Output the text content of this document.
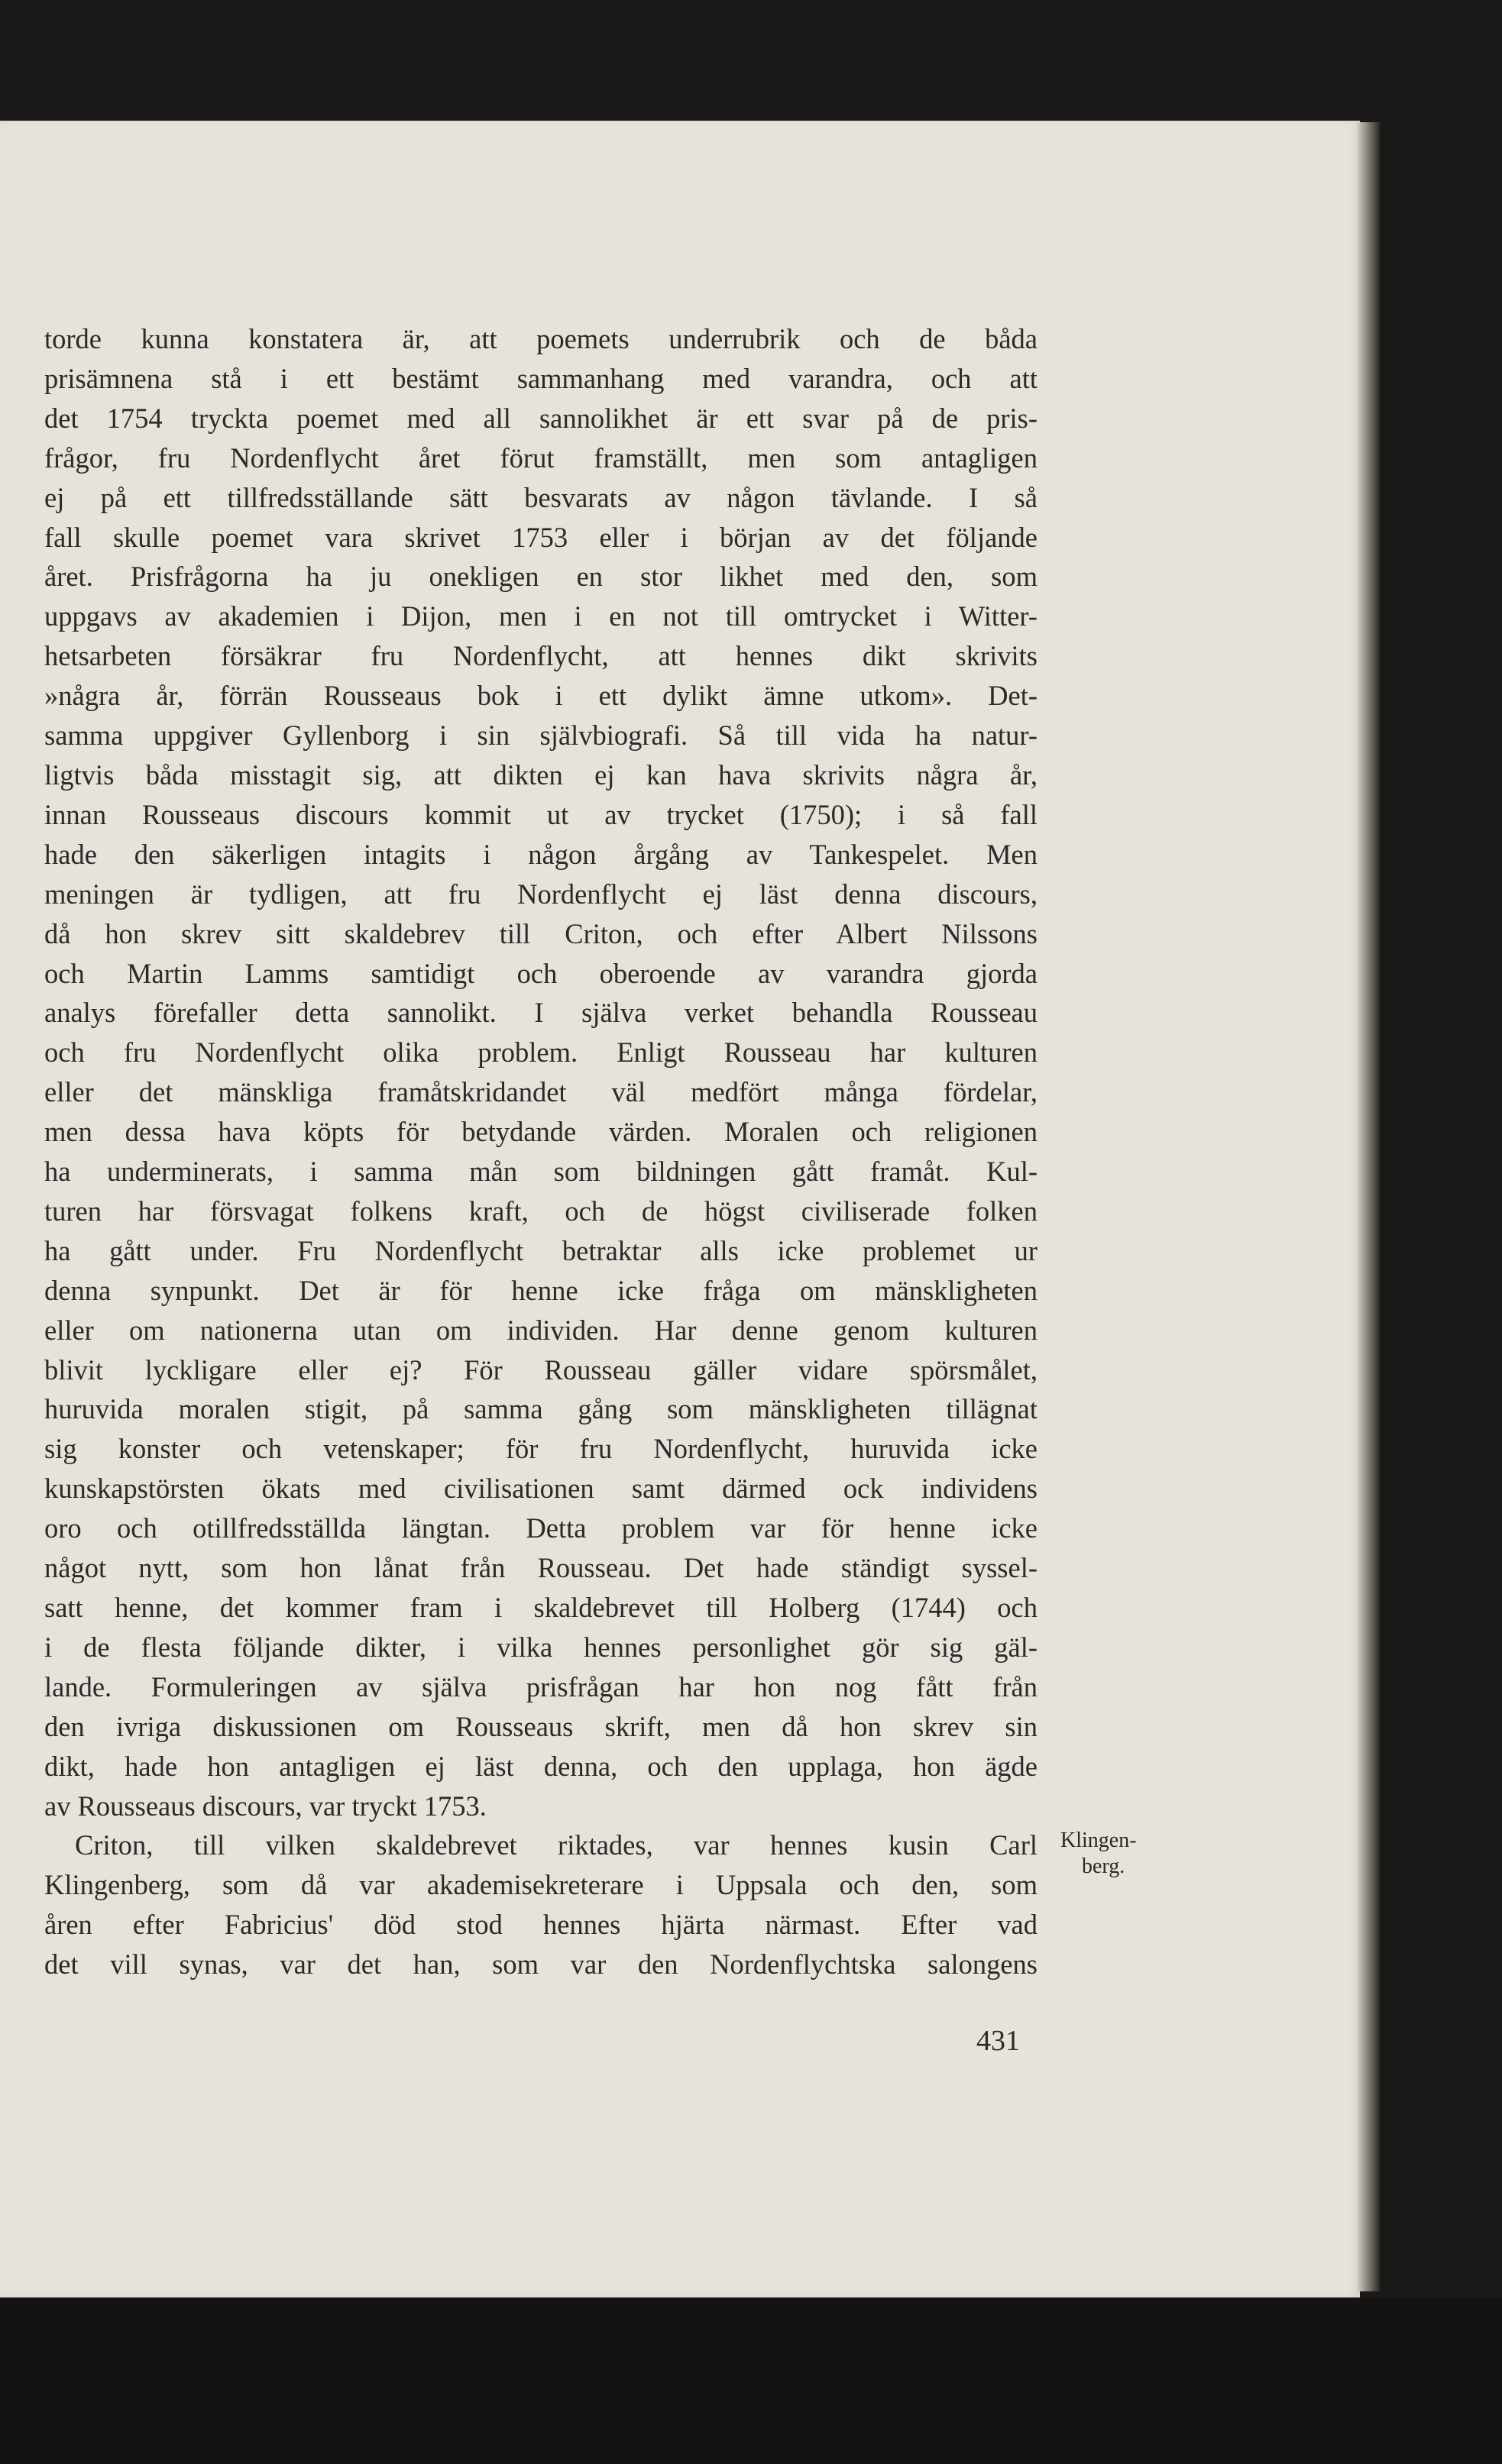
torde kunna konstatera är, att poemets underrubrik och de båda
prisämnena stå i ett bestämt sammanhang med varandra, och att
det 1754 tryckta poemet med all sannolikhet är ett svar på de pris-
frågor, fru Nordenflycht året förut framställt, men som antagligen
ej på ett tillfredsställande sätt besvarats av någon tävlande. I så
fall skulle poemet vara skrivet 1753 eller i början av det följande
året. Prisfrågorna ha ju onekligen en stor likhet med den, som
uppgavs av akademien i Dijon, men i en not till omtrycket i Witter-
hetsarbeten försäkrar fru Nordenflycht, att hennes dikt skrivits
»några år, förrän Rousseaus bok i ett dylikt ämne utkom». Det-
samma uppgiver Gyllenborg i sin självbiografi. Så till vida ha natur-
ligtvis båda misstagit sig, att dikten ej kan hava skrivits några år,
innan Rousseaus discours kommit ut av trycket (1750); i så fall
hade den säkerligen intagits i någon årgång av Tankespelet. Men
meningen är tydligen, att fru Nordenflycht ej läst denna discours,
då hon skrev sitt skaldebrev till Criton, och efter Albert Nilssons
och Martin Lamms samtidigt och oberoende av varandra gjorda
analys förefaller detta sannolikt. I själva verket behandla Rousseau
och fru Nordenflycht olika problem. Enligt Rousseau har kulturen
eller det mänskliga framåtskridandet väl medfört många fördelar,
men dessa hava köpts för betydande värden. Moralen och religionen
ha underminerats, i samma mån som bildningen gått framåt. Kul-
turen har försvagat folkens kraft, och de högst civiliserade folken
ha gått under. Fru Nordenflycht betraktar alls icke problemet ur
denna synpunkt. Det är för henne icke fråga om mänskligheten
eller om nationerna utan om individen. Har denne genom kulturen
blivit lyckligare eller ej? För Rousseau gäller vidare spörsmålet,
huruvida moralen stigit, på samma gång som mänskligheten tillägnat
sig konster och vetenskaper; för fru Nordenflycht, huruvida icke
kunskapstörsten ökats med civilisationen samt därmed ock individens
oro och otillfredsställda längtan. Detta problem var för henne icke
något nytt, som hon lånat från Rousseau. Det hade ständigt syssel-
satt henne, det kommer fram i skaldebrevet till Holberg (1744) och
i de flesta följande dikter, i vilka hennes personlighet gör sig gäl-
lande. Formuleringen av själva prisfrågan har hon nog fått från
den ivriga diskussionen om Rousseaus skrift, men då hon skrev sin
dikt, hade hon antagligen ej läst denna, och den upplaga, hon ägde
av Rousseaus discours, var tryckt 1753.
Criton, till vilken skaldebrevet riktades, var hennes kusin Carl
Klingenberg, som då var akademisekreterare i Uppsala och den, som
åren efter Fabricius' död stod hennes hjärta närmast. Efter vad
det vill synas, var det han, som var den Nordenflychtska salongens
Klingen-
berg.
431
